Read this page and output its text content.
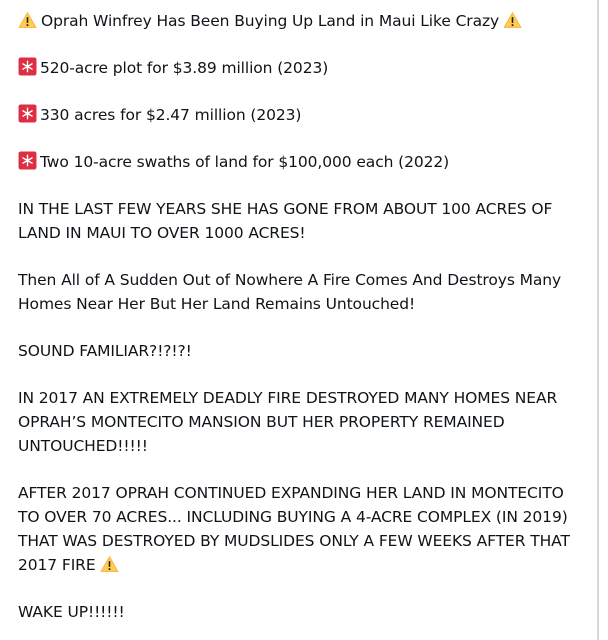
Oprah Winfrey Has Been Buying Up Land in Maui Like Crazy
520-acre plot for $3.89 million (2023)
330 acres for $2.47 million (2023)
Two 10-acre swaths of land for $100,000 each (2022)
IN THE LAST FEW YEARS SHE HAS GONE FROM ABOUT 100 ACRES OF LAND IN MAUI TO OVER 1000 ACRES!
Then All of A Sudden Out of Nowhere A Fire Comes And Destroys Many Homes Near Her But Her Land Remains Untouched!
SOUND FAMILIAR?!?!?!
IN 2017 AN EXTREMELY DEADLY FIRE DESTROYED MANY HOMES NEAR OPRAH’S MONTECITO MANSION BUT HER PROPERTY REMAINED UNTOUCHED!!!!!
AFTER 2017 OPRAH CONTINUED EXPANDING HER LAND IN MONTECITO TO OVER 70 ACRES... INCLUDING BUYING A 4-ACRE COMPLEX (IN 2019) THAT WAS DESTROYED BY MUDSLIDES ONLY A FEW WEEKS AFTER THAT 2017 FIRE
WAKE UP!!!!!!
